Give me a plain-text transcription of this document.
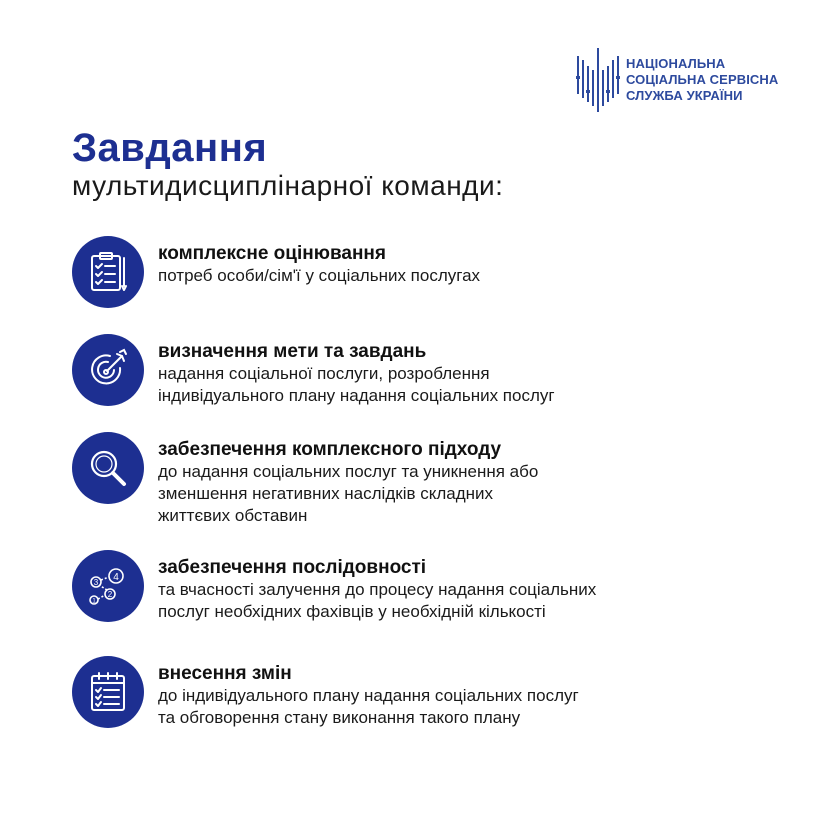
НАЦІОНАЛЬНА
СОЦІАЛЬНА СЕРВІСНА
СЛУЖБА УКРАЇНИ
Завдання
мультидисциплінарної команди:
комплексне оцінювання
потреб особи/сім'ї у соціальних послугах
визначення мети та завдань
надання соціальної послуги, розроблення
індивідуального плану надання соціальних послуг
забезпечення комплексного підходу
до надання соціальних послуг та уникнення або
зменшення негативних наслідків складних
життєвих обставин
1
2
3 4 забезпечення послідовності
та вчасності залучення до процесу надання соціальних
послуг необхідних фахівців у необхідній кількості
внесення змін
до індивідуального плану надання соціальних послуг
та обговорення стану виконання такого плану
